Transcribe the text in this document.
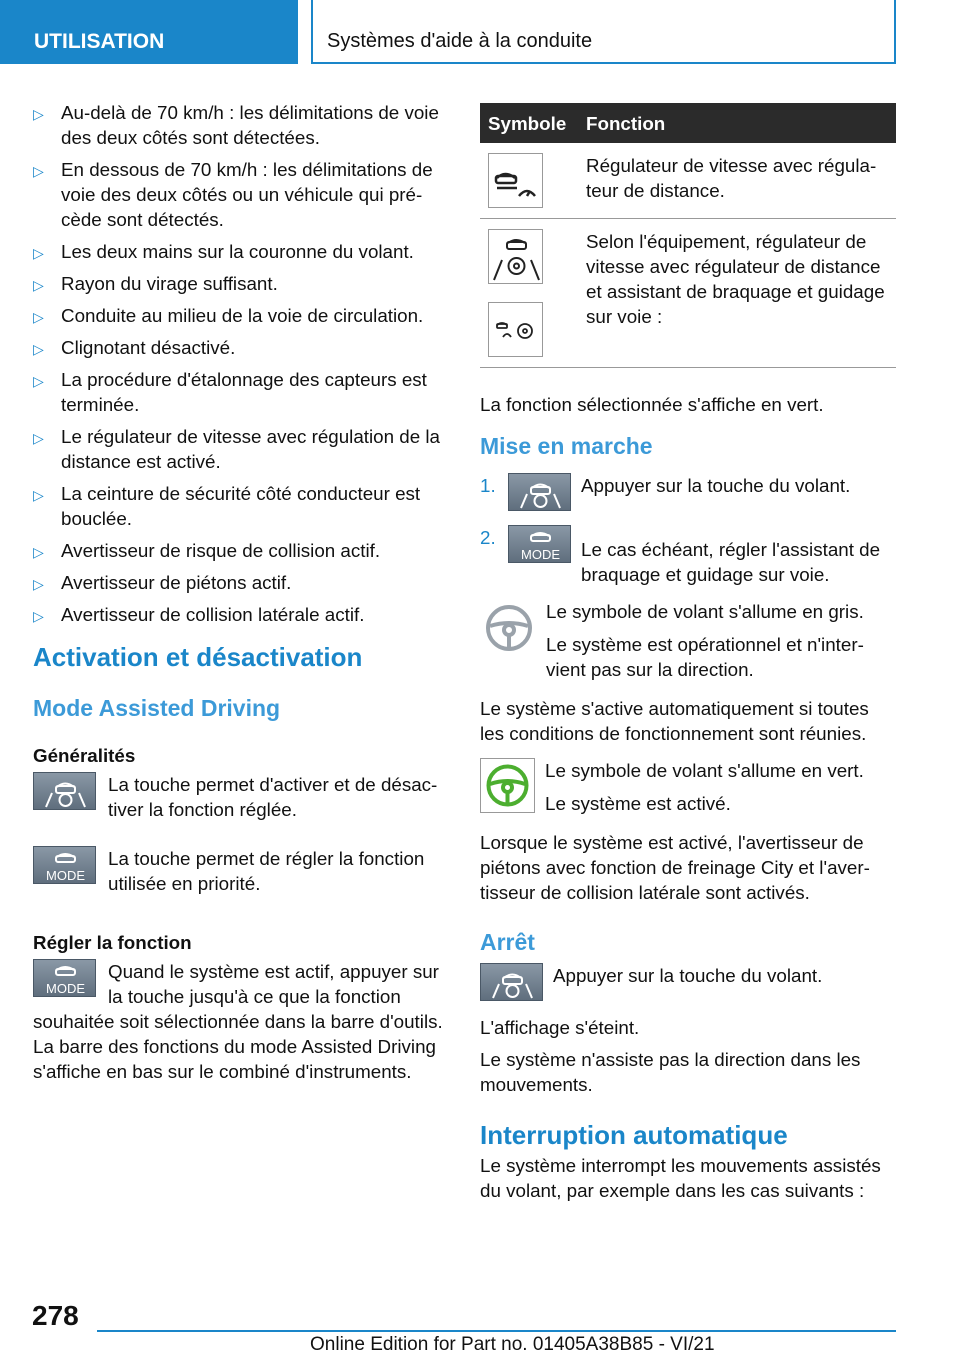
UTILISATION	Systèmes d'aide à la conduite
▷ Au-delà de 70 km/h : les délimitations de voie des deux côtés sont détectées.
▷ En dessous de 70 km/h : les délimitations de voie des deux côtés ou un véhicule qui pré-cède sont détectés.
▷ Les deux mains sur la couronne du volant.
▷ Rayon du virage suffisant.
▷ Conduite au milieu de la voie de circulation.
▷ Clignotant désactivé.
▷ La procédure d'étalonnage des capteurs est terminée.
▷ Le régulateur de vitesse avec régulation de la distance est activé.
▷ La ceinture de sécurité côté conducteur est bouclée.
▷ Avertisseur de risque de collision actif.
▷ Avertisseur de piétons actif.
▷ Avertisseur de collision latérale actif.
Activation et désactivation
Mode Assisted Driving
Généralités

La touche permet d'activer et de désac-tiver la fonction réglée.

MODE

La touche permet de régler la fonction utilisée en priorité.

Régler la fonction
MODE

Quand le système est actif, appuyer sur la touche jusqu'à ce que la fonction

souhaitée soit sélectionnée dans la barre d'outils. La barre des fonctions du mode Assisted Driving s'affiche en bas sur le combiné d'instruments.

Symbole	Fonction

	Régulateur de vitesse avec régula-teur de distance.

	Selon l'équipement, régulateur de vitesse avec régulateur de distance et assistant de braquage et guidage sur voie :

La fonction sélectionnée s'affiche en vert.

Mise en marche
1.	Appuyer sur la touche du volant.

2.
MODE	Le cas échéant, régler l'assistant de braquage et guidage sur voie.

Le symbole de volant s'allume en gris.

Le système est opérationnel et n'inter-vient pas sur la direction.

Le système s'active automatiquement si toutes les conditions de fonctionnement sont réunies.

Le symbole de volant s'allume en vert.

Le système est activé.

Lorsque le système est activé, l'avertisseur de piétons avec fonction de freinage City et l'aver-tisseur de collision latérale sont activés.

Arrêt

Appuyer sur la touche du volant.

L'affichage s'éteint.

Le système n'assiste pas la direction dans les mouvements.

Interruption automatique

Le système interrompt les mouvements assistés du volant, par exemple dans les cas suivants :

278
Online Edition for Part no. 01405A38B85 - VI/21
